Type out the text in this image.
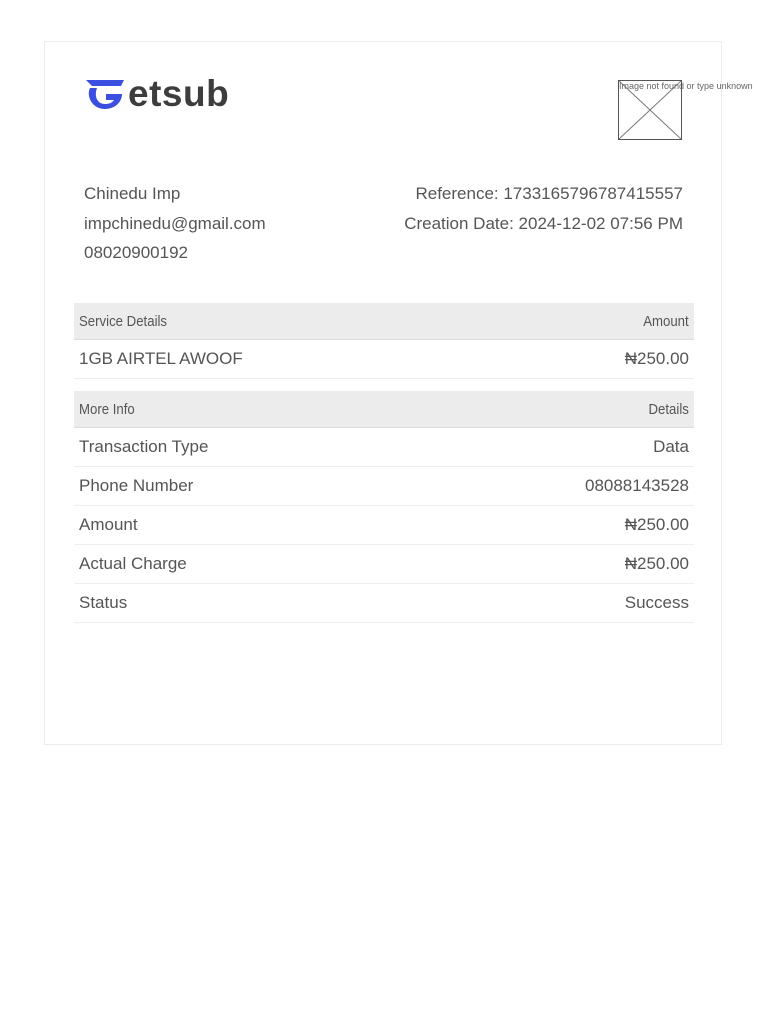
etsub	Image not found or type unknown
Chinedu Imp
impchinedu@gmail.com
08020900192
Reference: 1733165796787415557
Creation Date: 2024-12-02 07:56 PM
Service Details	Amount
1GB AIRTEL AWOOF	₦250.00
More Info	Details
Transaction Type	Data
Phone Number	08088143528
Amount	₦250.00
Actual Charge	₦250.00
Status	Success
